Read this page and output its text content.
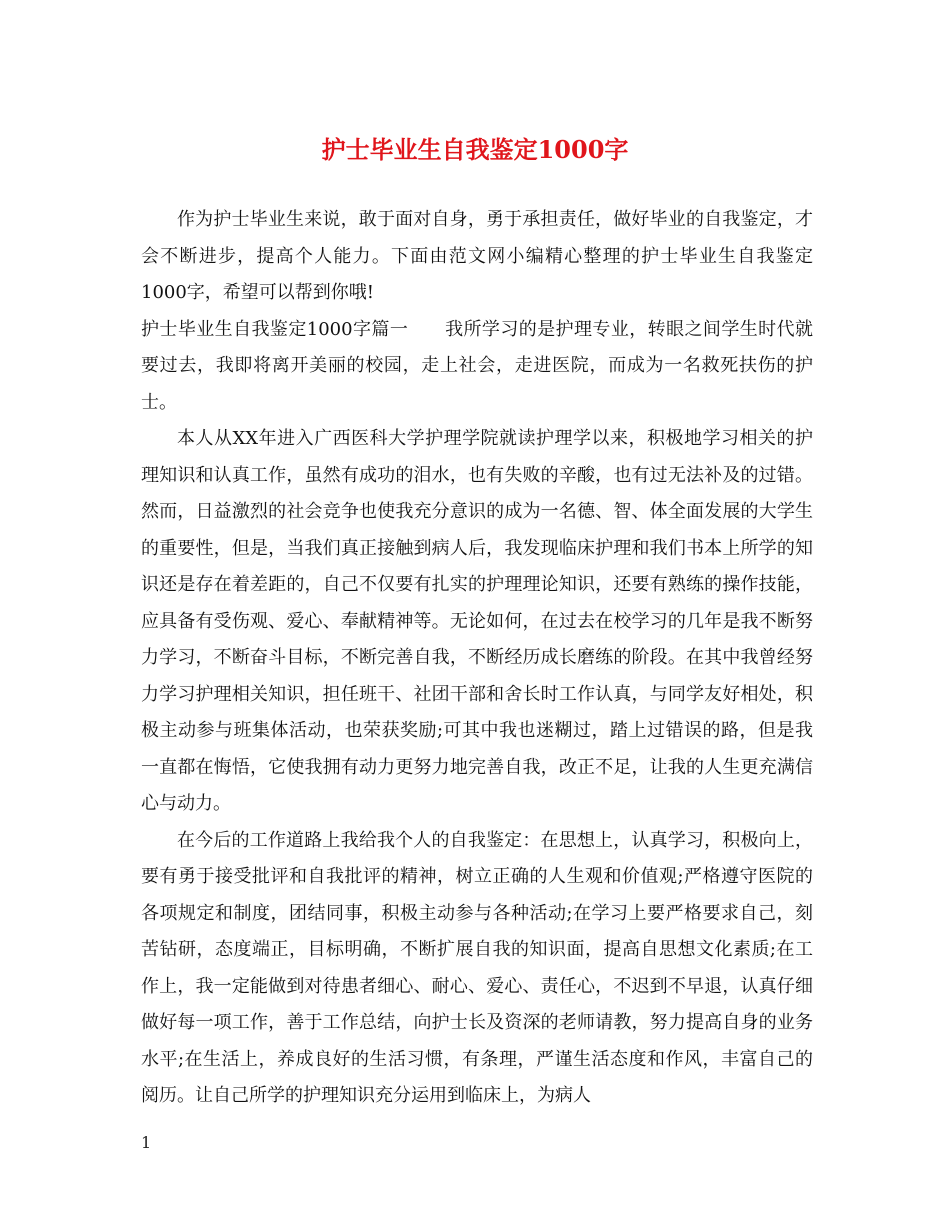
护士毕业生自我鉴定1000字

作为护士毕业生来说，敢于面对自身，勇于承担责任，做好毕业的自我鉴定，才会不断进步，提高个人能力。下面由范文网小编精心整理的护士毕业生自我鉴定1000字，希望可以帮到你哦!

护士毕业生自我鉴定1000字篇一　　我所学习的是护理专业，转眼之间学生时代就要过去，我即将离开美丽的校园，走上社会，走进医院，而成为一名救死扶伤的护士。

本人从XX年进入广西医科大学护理学院就读护理学以来，积极地学习相关的护理知识和认真工作，虽然有成功的泪水，也有失败的辛酸，也有过无法补及的过错。然而，日益激烈的社会竞争也使我充分意识的成为一名德、智、体全面发展的大学生的重要性，但是，当我们真正接触到病人后，我发现临床护理和我们书本上所学的知识还是存在着差距的，自己不仅要有扎实的护理理论知识，还要有熟练的操作技能，应具备有受伤观、爱心、奉献精神等。无论如何，在过去在校学习的几年是我不断努力学习，不断奋斗目标，不断完善自我，不断经历成长磨练的阶段。在其中我曾经努力学习护理相关知识，担任班干、社团干部和舍长时工作认真，与同学友好相处，积极主动参与班集体活动，也荣获奖励;可其中我也迷糊过，踏上过错误的路，但是我一直都在悔悟，它使我拥有动力更努力地完善自我，改正不足，让我的人生更充满信心与动力。

在今后的工作道路上我给我个人的自我鉴定：在思想上，认真学习，积极向上，要有勇于接受批评和自我批评的精神，树立正确的人生观和价值观;严格遵守医院的各项规定和制度，团结同事，积极主动参与各种活动;在学习上要严格要求自己，刻苦钻研，态度端正，目标明确，不断扩展自我的知识面，提高自思想文化素质;在工作上，我一定能做到对待患者细心、耐心、爱心、责任心，不迟到不早退，认真仔细做好每一项工作，善于工作总结，向护士长及资深的老师请教，努力提高自身的业务水平;在生活上，养成良好的生活习惯，有条理，严谨生活态度和作风，丰富自己的阅历。让自己所学的护理知识充分运用到临床上，为病人

1
